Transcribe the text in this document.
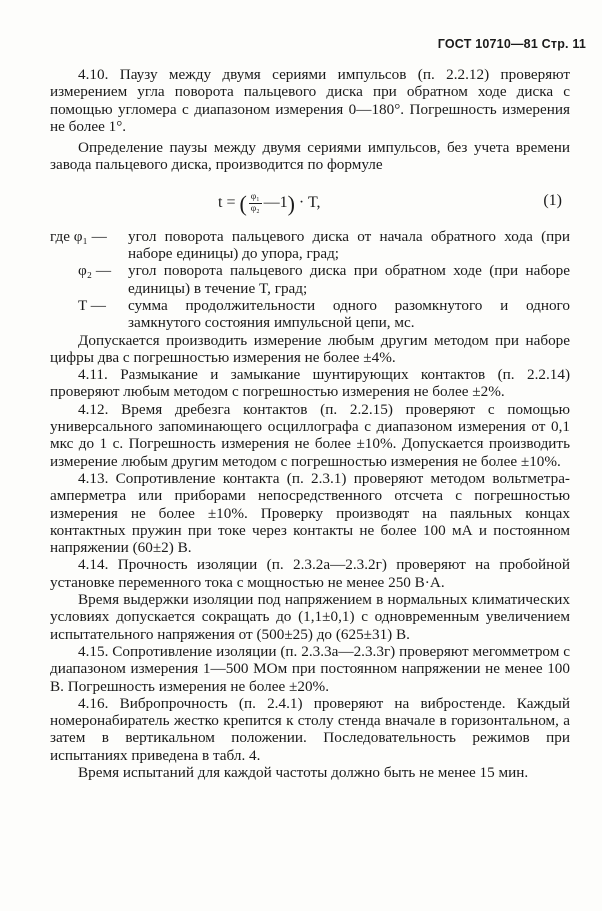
ГОСТ 10710—81 Стр. 11

4.10. Паузу между двумя сериями импульсов (п. 2.2.12) проверяют измерением угла поворота пальцевого диска при обратном ходе диска с помощью угломера с диапазоном измерения 0—180°. Погрешность измерения не более 1°.

Определение паузы между двумя сериями импульсов, без учета времени завода пальцевого диска, производится по формуле

t = ( $\frac{\text{φ₁}}{\text{φ₂}}$ —1) · T,	(1)
где φ₁ — угол поворота пальцевого диска от начала обратного хода (при наборе единицы) до упора, град;
φ₂ — угол поворота пальцевого диска при обратном ходе (при наборе единицы) в течение T, град;
T — сумма продолжительности одного разомкнутого и одного замкнутого состояния импульсной цепи, мс.

Допускается производить измерение любым другим методом при наборе цифры два с погрешностью измерения не более ±4%.

4.11. Размыкание и замыкание шунтирующих контактов (п. 2.2.14) проверяют любым методом с погрешностью измерения не более ±2%.

4.12. Время дребезга контактов (п. 2.2.15) проверяют с помощью универсального запоминающего осциллографа с диапазоном измерения от 0,1 мкс до 1 с. Погрешность измерения не более ±10%. Допускается производить измерение любым другим методом с погрешностью измерения не более ±10%.

4.13. Сопротивление контакта (п. 2.3.1) проверяют методом вольтметра-амперметра или приборами непосредственного отсчета с погрешностью измерения не более ±10%. Проверку производят на паяльных концах контактных пружин при токе через контакты не более 100 мА и постоянном напряжении (60±2) В.

4.14. Прочность изоляции (п. 2.3.2а—2.3.2г) проверяют на пробойной установке переменного тока с мощностью не менее 250 В·А.

Время выдержки изоляции под напряжением в нормальных климатических условиях допускается сокращать до (1,1±0,1) с одновременным увеличением испытательного напряжения от (500±25) до (625±31) В.

4.15. Сопротивление изоляции (п. 2.3.3а—2.3.3г) проверяют мегомметром с диапазоном измерения 1—500 МОм при постоянном напряжении не менее 100 В. Погрешность измерения не более ±20%.

4.16. Вибропрочность (п. 2.4.1) проверяют на вибростенде. Каждый номеронабиратель жестко крепится к столу стенда вначале в горизонтальном, а затем в вертикальном положении. Последовательность режимов при испытаниях приведена в табл. 4.

Время испытаний для каждой частоты должно быть не менее 15 мин.
